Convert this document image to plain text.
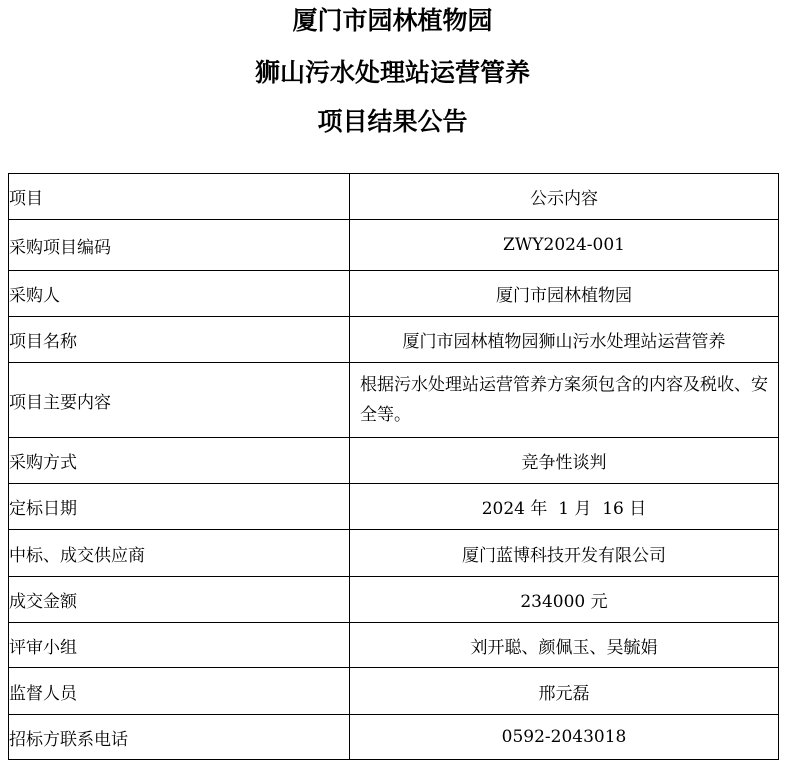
厦门市园林植物园
狮山污水处理站运营管养
项目结果公告
项目	公示内容
采购项目编码	ZWY2024-001
采购人	厦门市园林植物园
项目名称	厦门市园林植物园狮山污水处理站运营管养
项目主要内容	根据污水处理站运营管养方案须包含的内容及税收、安全等。
采购方式	竞争性谈判
定标日期	2024 年  1 月  16 日
中标、成交供应商	厦门蓝博科技开发有限公司
成交金额	234000 元
评审小组	刘开聪、颜佩玉、吴毓娟
监督人员	邢元磊
招标方联系电话	0592-2043018
